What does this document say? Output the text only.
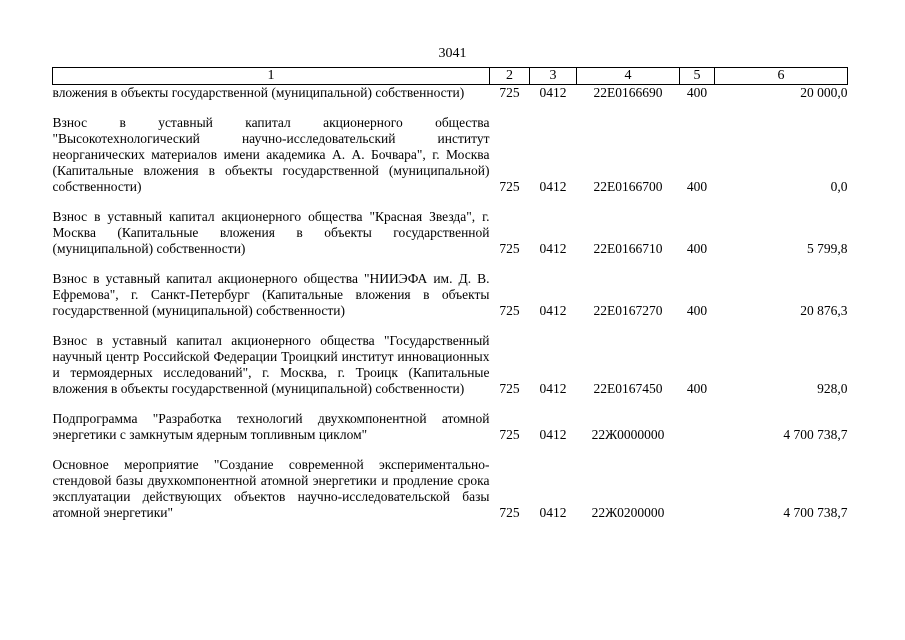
3041
1	2	3	4	5	6
вложения в объекты государственной (муниципальной) собственности)	725	0412	22Е0166690	400	20 000,0

Взнос в уставный капитал акционерного общества "Высокотехнологический научно-исследовательский институт неорганических материалов имени академика А. А. Бочвара", г. Москва (Капитальные вложения в объекты государственной (муниципальной) собственности)	725	0412	22Е0166700	400	0,0

Взнос в уставный капитал акционерного общества "Красная Звезда", г. Москва (Капитальные вложения в объекты государственной (муниципальной) собственности)	725	0412	22Е0166710	400	5 799,8

Взнос в уставный капитал акционерного общества "НИИЭФА им. Д. В. Ефремова", г. Санкт-Петербург (Капитальные вложения в объекты государственной (муниципальной) собственности)	725	0412	22Е0167270	400	20 876,3

Взнос в уставный капитал акционерного общества "Государственный научный центр Российской Федерации Троицкий институт инновационных и термоядерных исследований", г. Москва, г. Троицк (Капитальные вложения в объекты государственной (муниципальной) собственности)	725	0412	22Е0167450	400	928,0

Подпрограмма "Разработка технологий двухкомпонентной атомной энергетики с замкнутым ядерным топливным циклом"	725	0412	22Ж0000000		4 700 738,7

Основное мероприятие "Создание современной экспериментально-стендовой базы двухкомпонентной атомной энергетики и продление срока эксплуатации действующих объектов научно-исследовательской базы атомной энергетики"	725	0412	22Ж0200000		4 700 738,7
